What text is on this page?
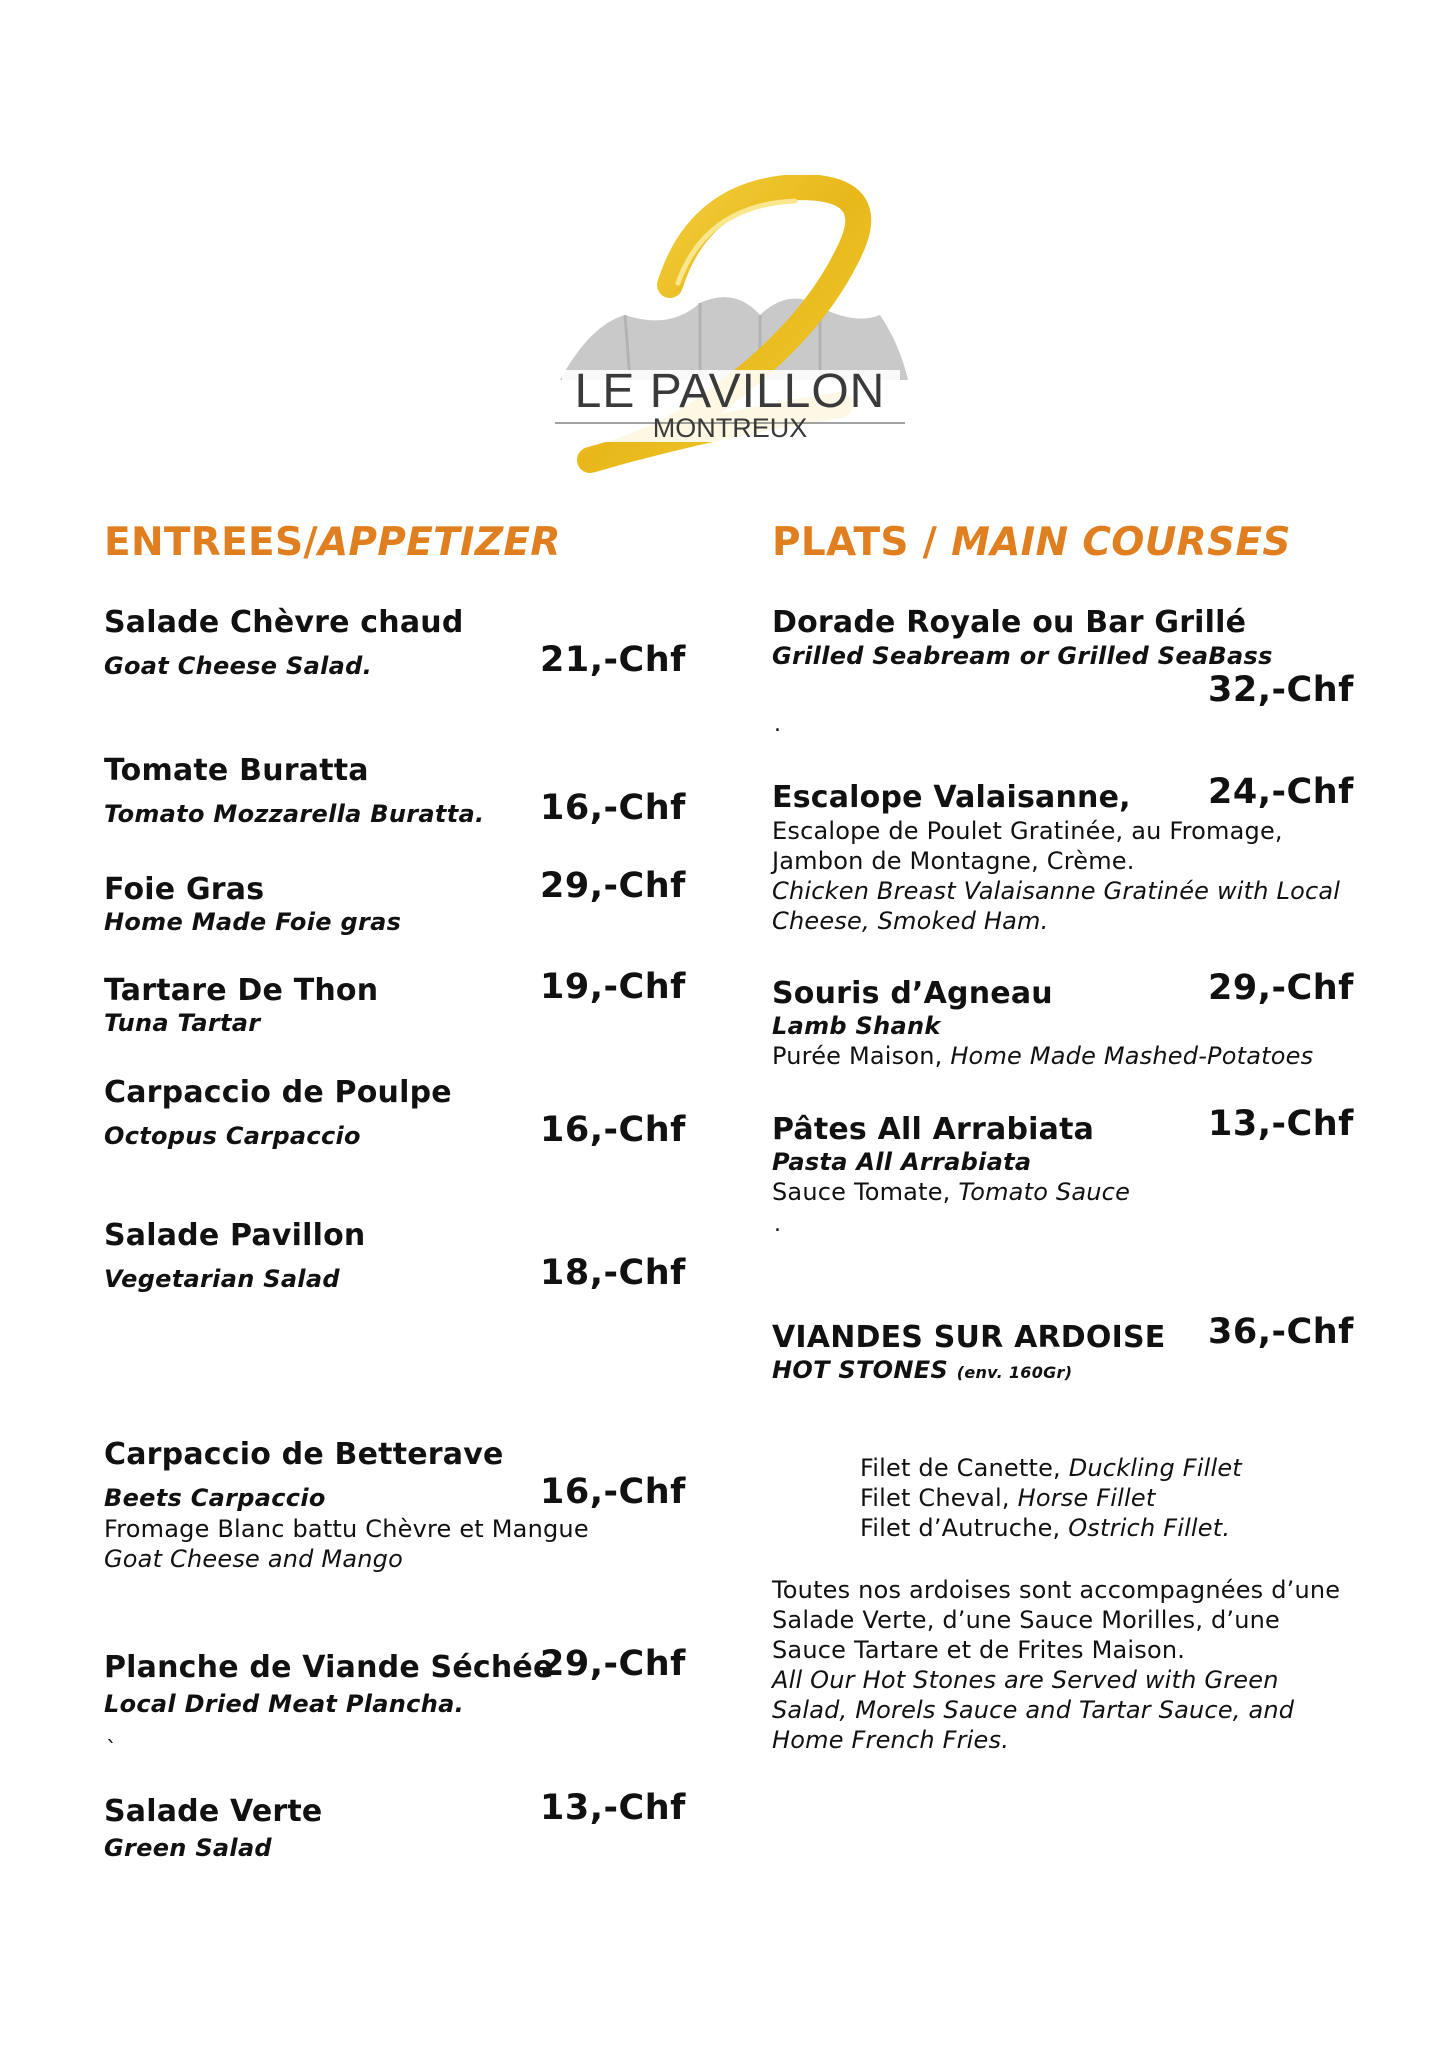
LE PAVILLON
MONTREUX
ENTREES/APPETIZER
Salade Chèvre chaud
Goat Cheese Salad.	21,-Chf
Tomate Buratta
Tomato Mozzarella Buratta. 16,-Chf
Foie Gras
Home Made Foie gras
29,-Chf
Tartare De Thon
Tuna Tartar
19,-Chf
Carpaccio de Poulpe
Octopus Carpaccio	16,-Chf
Salade Pavillon
Vegetarian Salad	18,-Chf
Carpaccio de Betterave
Beets Carpaccio	16,-Chf
Fromage Blanc battu Chèvre et Mangue
Goat Cheese and Mango
Planche de Viande Séchée
Local Dried Meat Plancha.
29,-Chf
`
Salade Verte
Green Salad
13,-Chf
PLATS / MAIN COURSES
Dorade Royale ou Bar Grillé
Grilled Seabream or Grilled SeaBass
32,-Chf
.
Escalope Valaisanne, 24,-Chf
Escalope de Poulet Gratinée, au Fromage,
Jambon de Montagne, Crème.
Chicken Breast Valaisanne Gratinée with Local
Cheese, Smoked Ham.
Souris d’Agneau
Lamb Shank
29,-Chf
Purée Maison, Home Made Mashed-Potatoes
Pâtes All Arrabiata
Pasta All Arrabiata
13,-Chf
Sauce Tomate, Tomato Sauce
.
VIANDES SUR ARDOISE
HOT STONES (env. 160Gr)
36,-Chf
Filet de Canette, Duckling Fillet
Filet Cheval, Horse Fillet
Filet d’Autruche, Ostrich Fillet.
Toutes nos ardoises sont accompagnées d’une
Salade Verte, d’une Sauce Morilles, d’une
Sauce Tartare et de Frites Maison.
All Our Hot Stones are Served with Green
Salad, Morels Sauce and Tartar Sauce, and
Home French Fries.
